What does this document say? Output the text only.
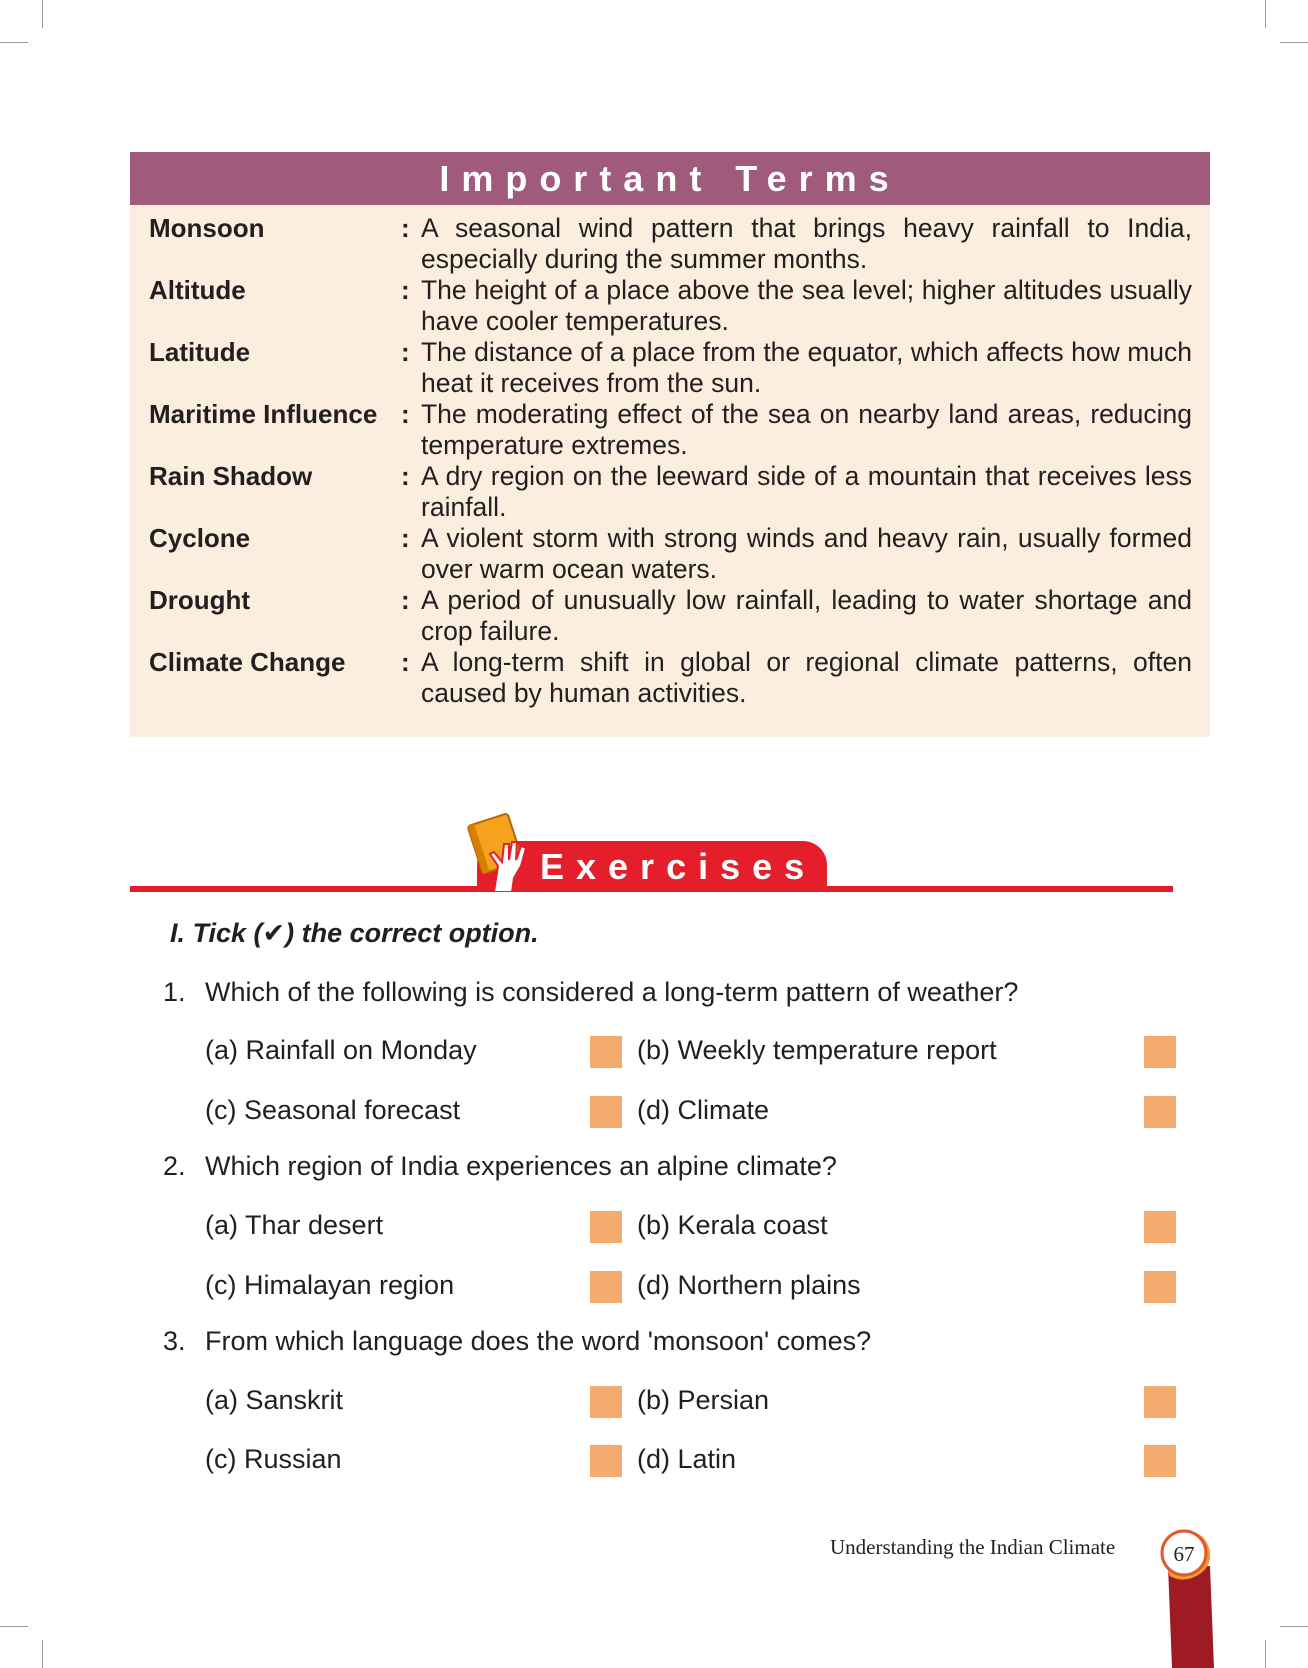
Important Terms
Monsoon	: A seasonal wind pattern that brings heavy rainfall to India, especially during the summer months.
Altitude	: The height of a place above the sea level; higher altitudes usually have cooler temperatures.
Latitude	: The distance of a place from the equator, which affects how much heat it receives from the sun.
Maritime Influence : The moderating effect of the sea on nearby land areas, reducing temperature extremes.
Rain Shadow	: A dry region on the leeward side of a mountain that receives less rainfall.
Cyclone	: A violent storm with strong winds and heavy rain, usually formed over warm ocean waters.
Drought	: A period of unusually low rainfall, leading to water shortage and crop failure.
Climate Change	: A long-term shift in global or regional climate patterns, often caused by human activities.
Exercises
I. Tick (✔) the correct option.
1. Which of the following is considered a long-term pattern of weather?
(a) Rainfall on Monday	(b) Weekly temperature report
(c) Seasonal forecast	(d) Climate
2. Which region of India experiences an alpine climate?
(a) Thar desert	(b) Kerala coast
(c) Himalayan region	(d) Northern plains
3. From which language does the word 'monsoon' comes?
(a) Sanskrit	(b) Persian
(c) Russian	(d) Latin
Understanding the Indian Climate	67
